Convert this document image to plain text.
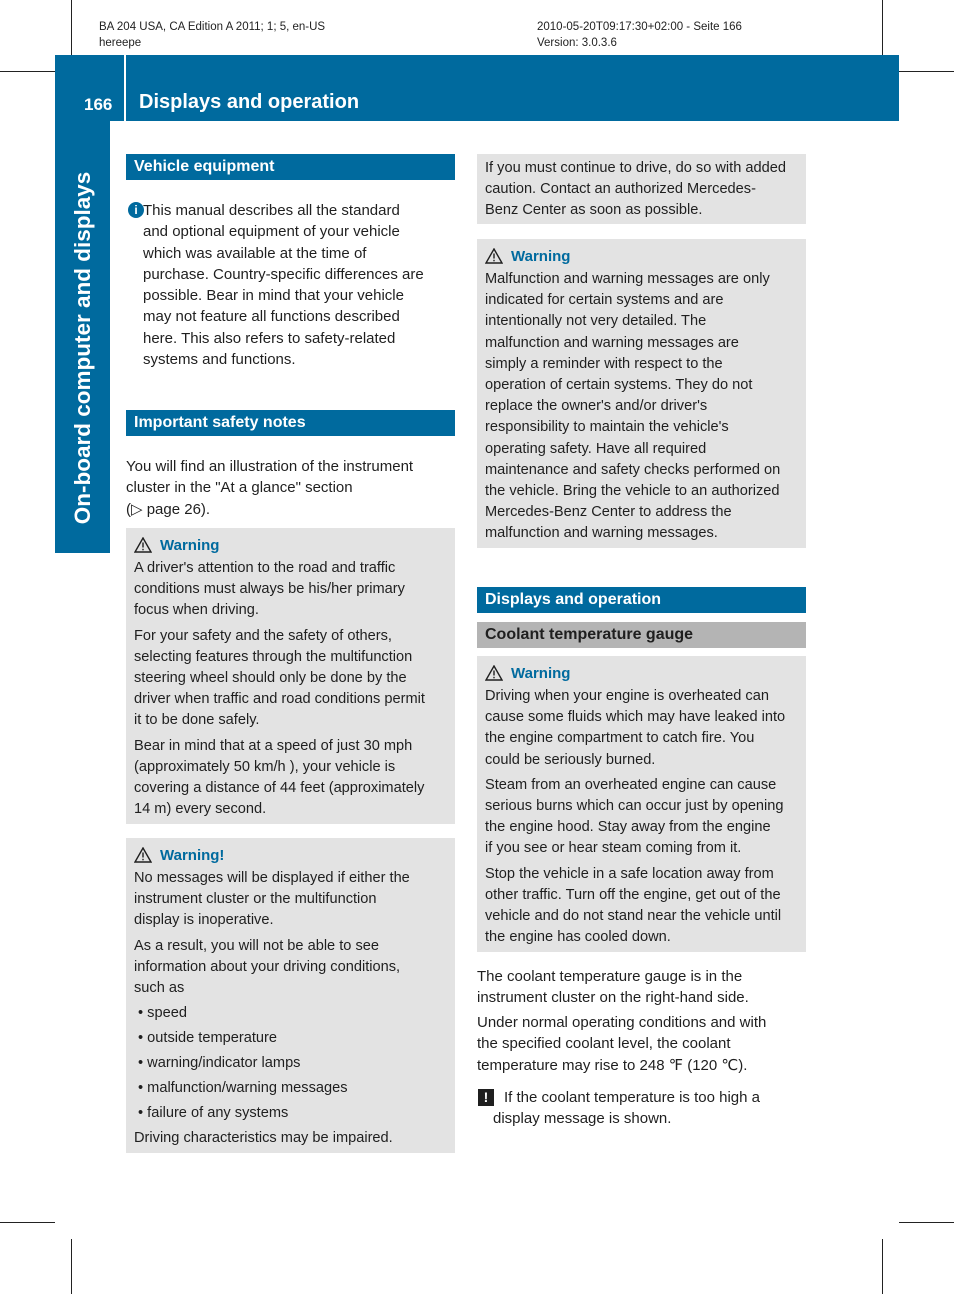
BA 204 USA, CA Edition A 2011; 1; 5, en-US
hereepe
2010-05-20T09:17:30+02:00 - Seite 166
Version: 3.0.3.6
166 Displays and operation
On-board computer and displays
Vehicle equipment
i This manual describes all the standard
and optional equipment of your vehicle
which was available at the time of
purchase. Country-specific differences are
possible. Bear in mind that your vehicle
may not feature all functions described
here. This also refers to safety-related
systems and functions.
Important safety notes
You will find an illustration of the instrument
cluster in the "At a glance" section
(▷ page 26).
Warning

A driver's attention to the road and traffic
conditions must always be his/her primary
focus when driving.

For your safety and the safety of others,
selecting features through the multifunction
steering wheel should only be done by the
driver when traffic and road conditions permit
it to be done safely.

Bear in mind that at a speed of just 30 mph
(approximately 50 km/h ), your vehicle is
covering a distance of 44 feet (approximately
14 m) every second.

Warning!

No messages will be displayed if either the
instrument cluster or the multifunction
display is inoperative.

As a result, you will not be able to see
information about your driving conditions,
such as

• speed
• outside temperature
• warning/indicator lamps
• malfunction/warning messages
• failure of any systems

Driving characteristics may be impaired.

If you must continue to drive, do so with added
caution. Contact an authorized Mercedes-
Benz Center as soon as possible.

Warning

Malfunction and warning messages are only
indicated for certain systems and are
intentionally not very detailed. The
malfunction and warning messages are
simply a reminder with respect to the
operation of certain systems. They do not
replace the owner's and/or driver's
responsibility to maintain the vehicle's
operating safety. Have all required
maintenance and safety checks performed on
the vehicle. Bring the vehicle to an authorized
Mercedes-Benz Center to address the
malfunction and warning messages.

Displays and operation
Coolant temperature gauge
Warning

Driving when your engine is overheated can
cause some fluids which may have leaked into
the engine compartment to catch fire. You
could be seriously burned.

Steam from an overheated engine can cause
serious burns which can occur just by opening
the engine hood. Stay away from the engine
if you see or hear steam coming from it.

Stop the vehicle in a safe location away from
other traffic. Turn off the engine, get out of the
vehicle and do not stand near the vehicle until
the engine has cooled down.

The coolant temperature gauge is in the
instrument cluster on the right-hand side.
Under normal operating conditions and with
the specified coolant level, the coolant
temperature may rise to 248 ℉ (120 ℃).
!	If the coolant temperature is too high a
display message is shown.
